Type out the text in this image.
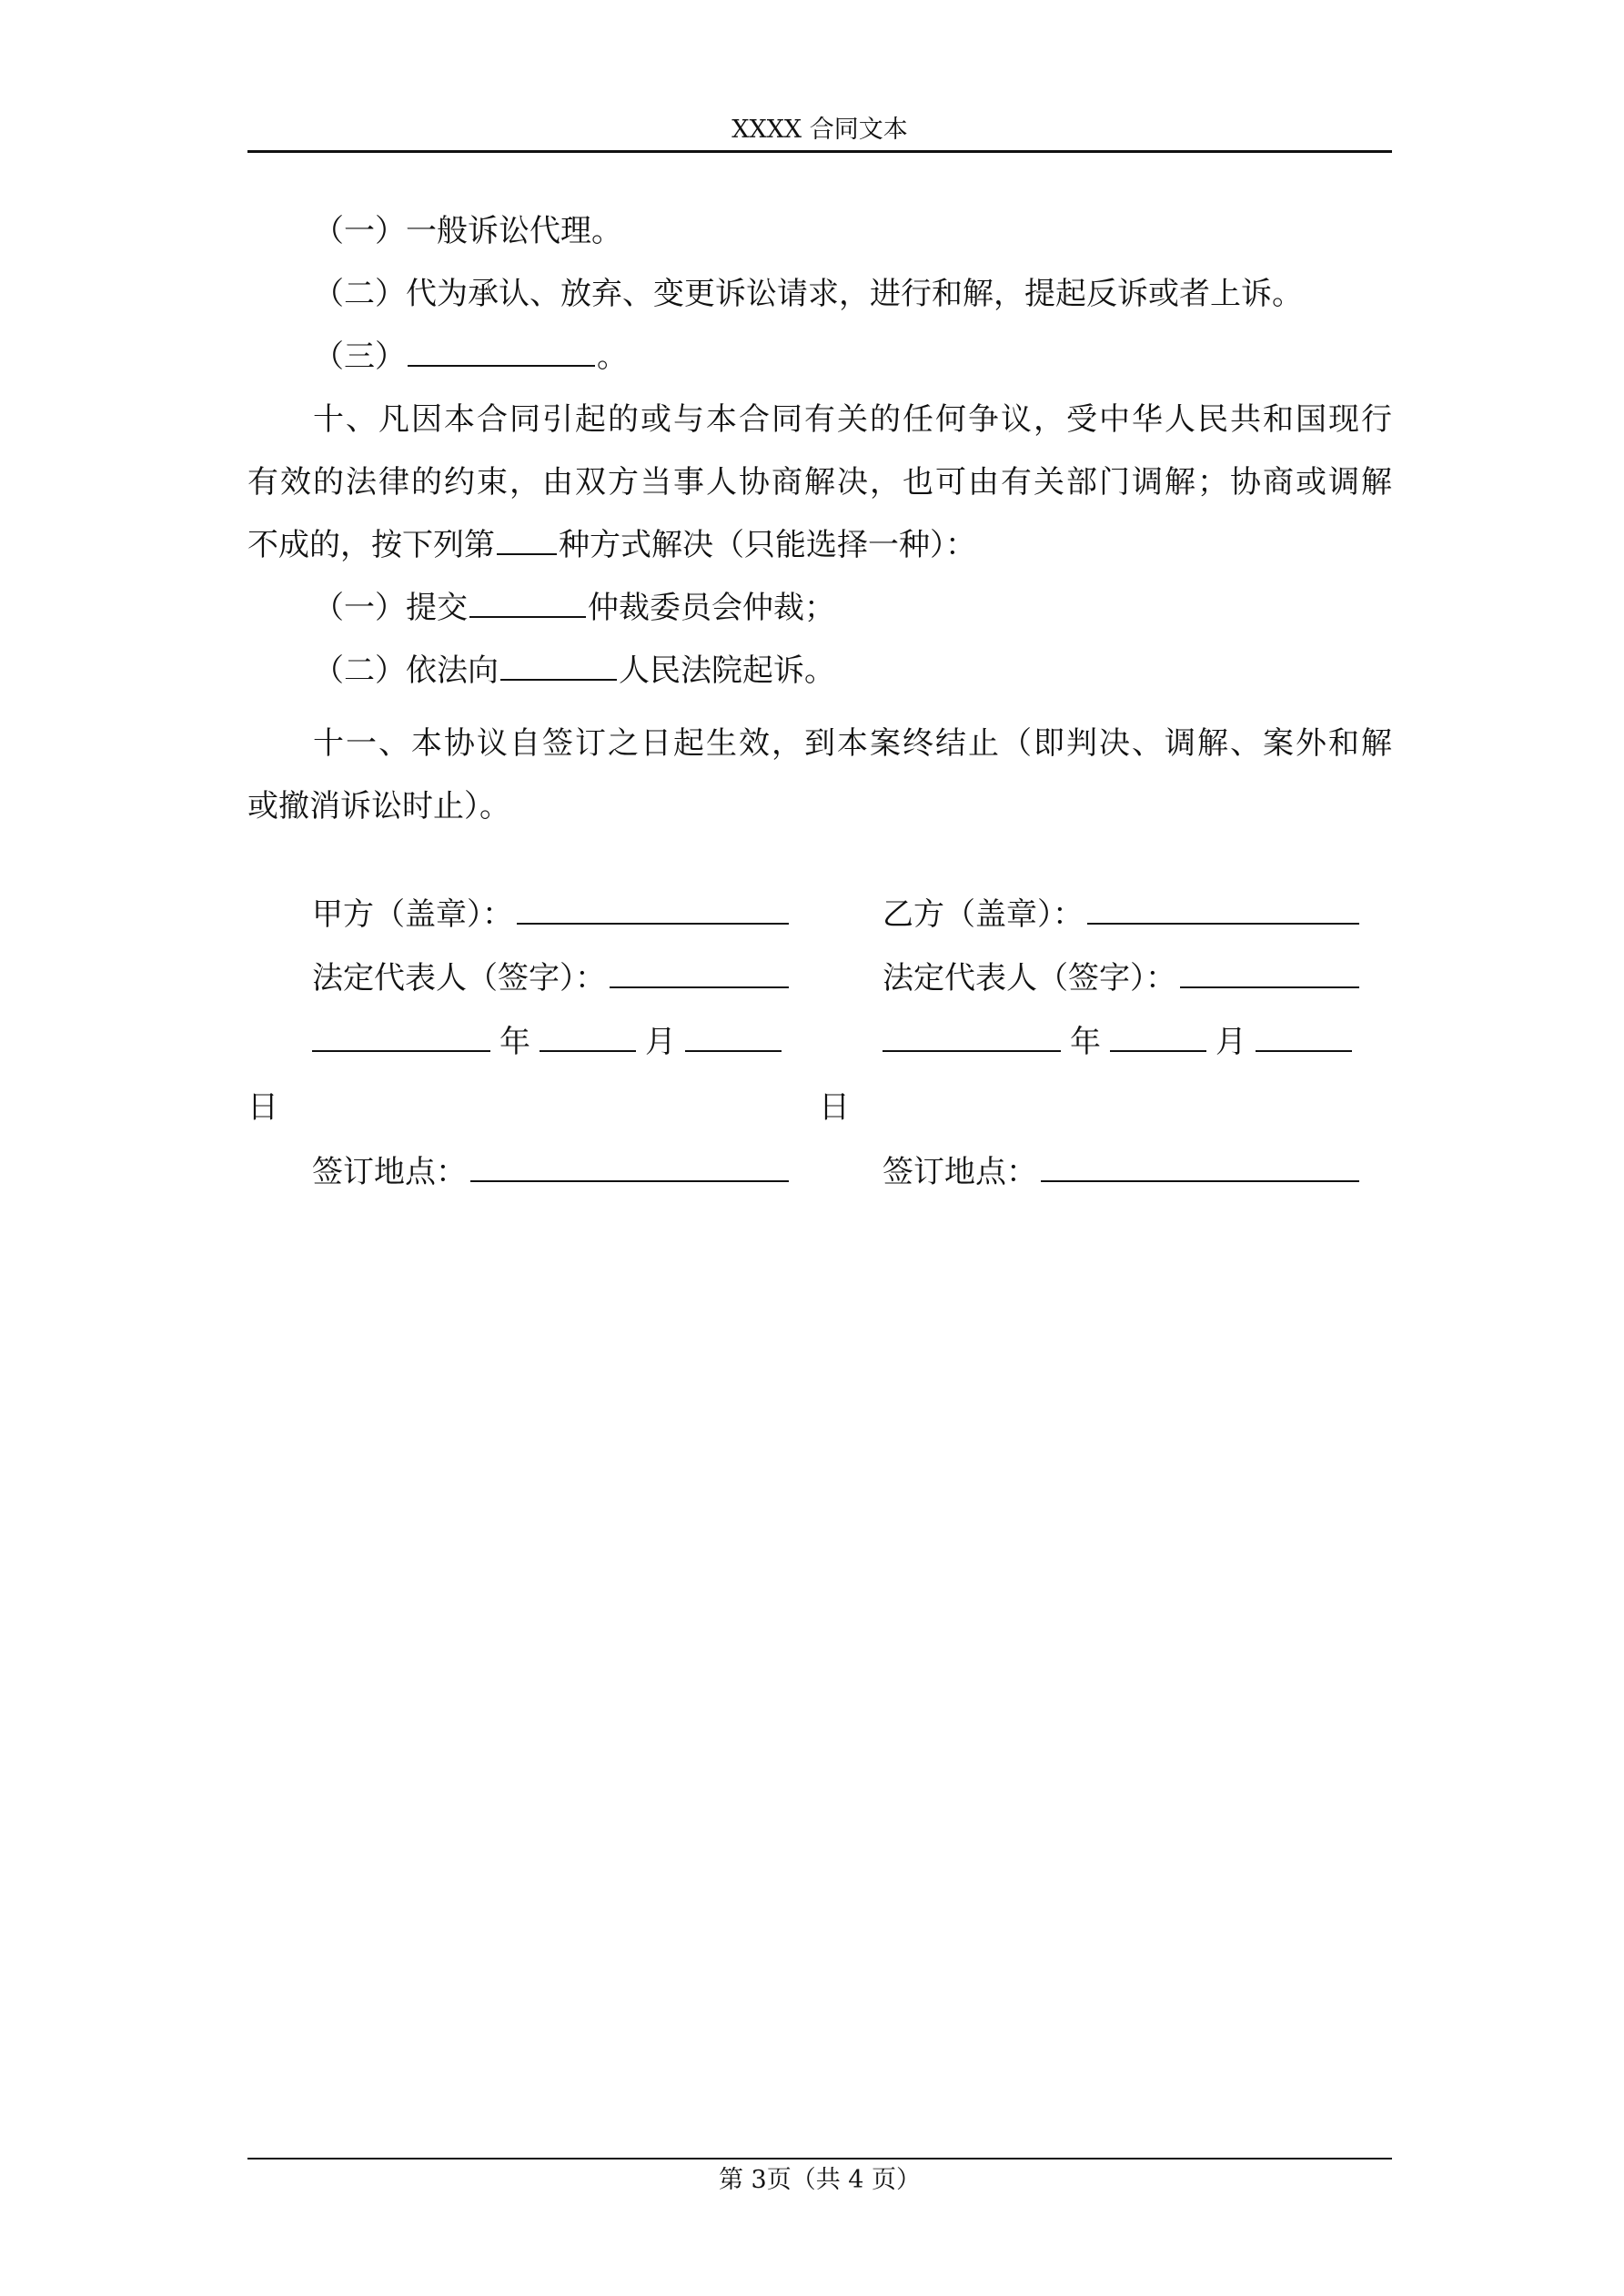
XXXX 合同文本
（一）一般诉讼代理。
（二）代为承认、放弃、变更诉讼请求，进行和解，提起反诉或者上诉。
（三）	。
十、凡因本合同引起的或与本合同有关的任何争议，受中华人民共和国现行
有效的法律的约束，由双方当事人协商解决，也可由有关部门调解；协商或调解
不成的，按下列第 种方式解决（只能选择一种）：
（一）提交	仲裁委员会仲裁；
（二）依法向	人民法院起诉。
十一、本协议自签订之日起生效，到本案终结止（即判决、调解、案外和解
或撤消诉讼时止）。
甲方（盖章）：
法定代表人（签字）：
年	月
日
签订地点：
乙方（盖章）：
法定代表人（签字）：
年	月
日
签订地点：
第 3页（共 4 页）
